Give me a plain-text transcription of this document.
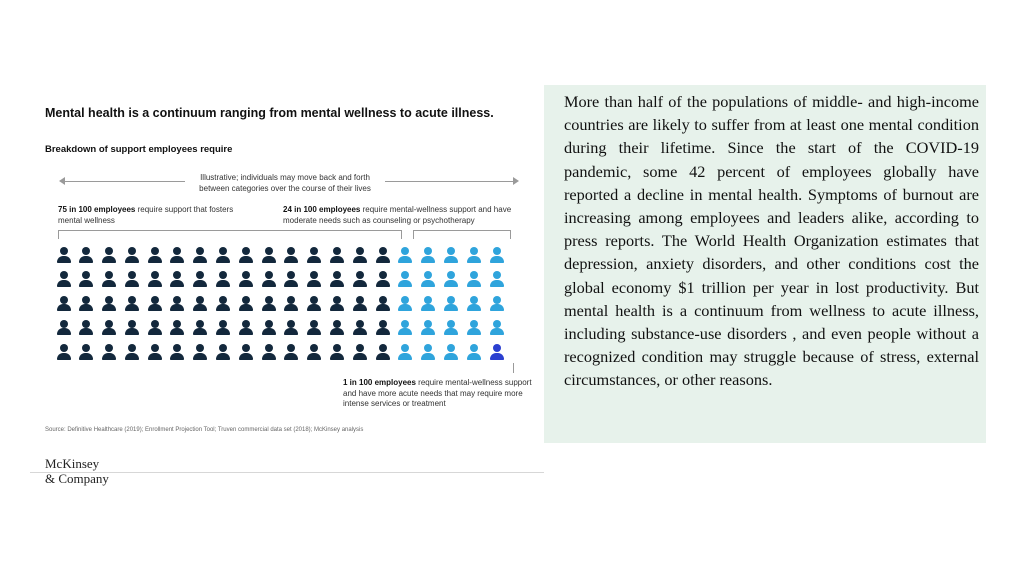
Mental health is a continuum ranging from mental wellness to acute illness.
Breakdown of support employees require
Illustrative; individuals may move back and forth between categories over the course of their lives
75 in 100 employees require support that fosters mental wellness
24 in 100 employees require mental-wellness support and have moderate needs such as counseling or psychotherapy
1 in 100 employees require mental-wellness support and have more acute needs that may require more intense services or treatment
Source: Definitive Healthcare (2019); Enrollment Projection Tool; Truven commercial data set (2018); McKinsey analysis
McKinsey
& Company

More than half of the populations of middle- and high-income countries are likely to suffer from at least one mental condition during their lifetime. Since the start of the COVID-19 pandemic, some 42 percent of employees globally have reported a decline in mental health. Symptoms of burnout are increasing among employees and leaders alike, according to press reports. The World Health Organization estimates that depression, anxiety disorders, and other conditions cost the global economy $1 trillion per year in lost productivity. But mental health is a continuum from wellness to acute illness, including substance-use disorders , and even people without a recognized condition may struggle because of stress, external circumstances, or other reasons.
